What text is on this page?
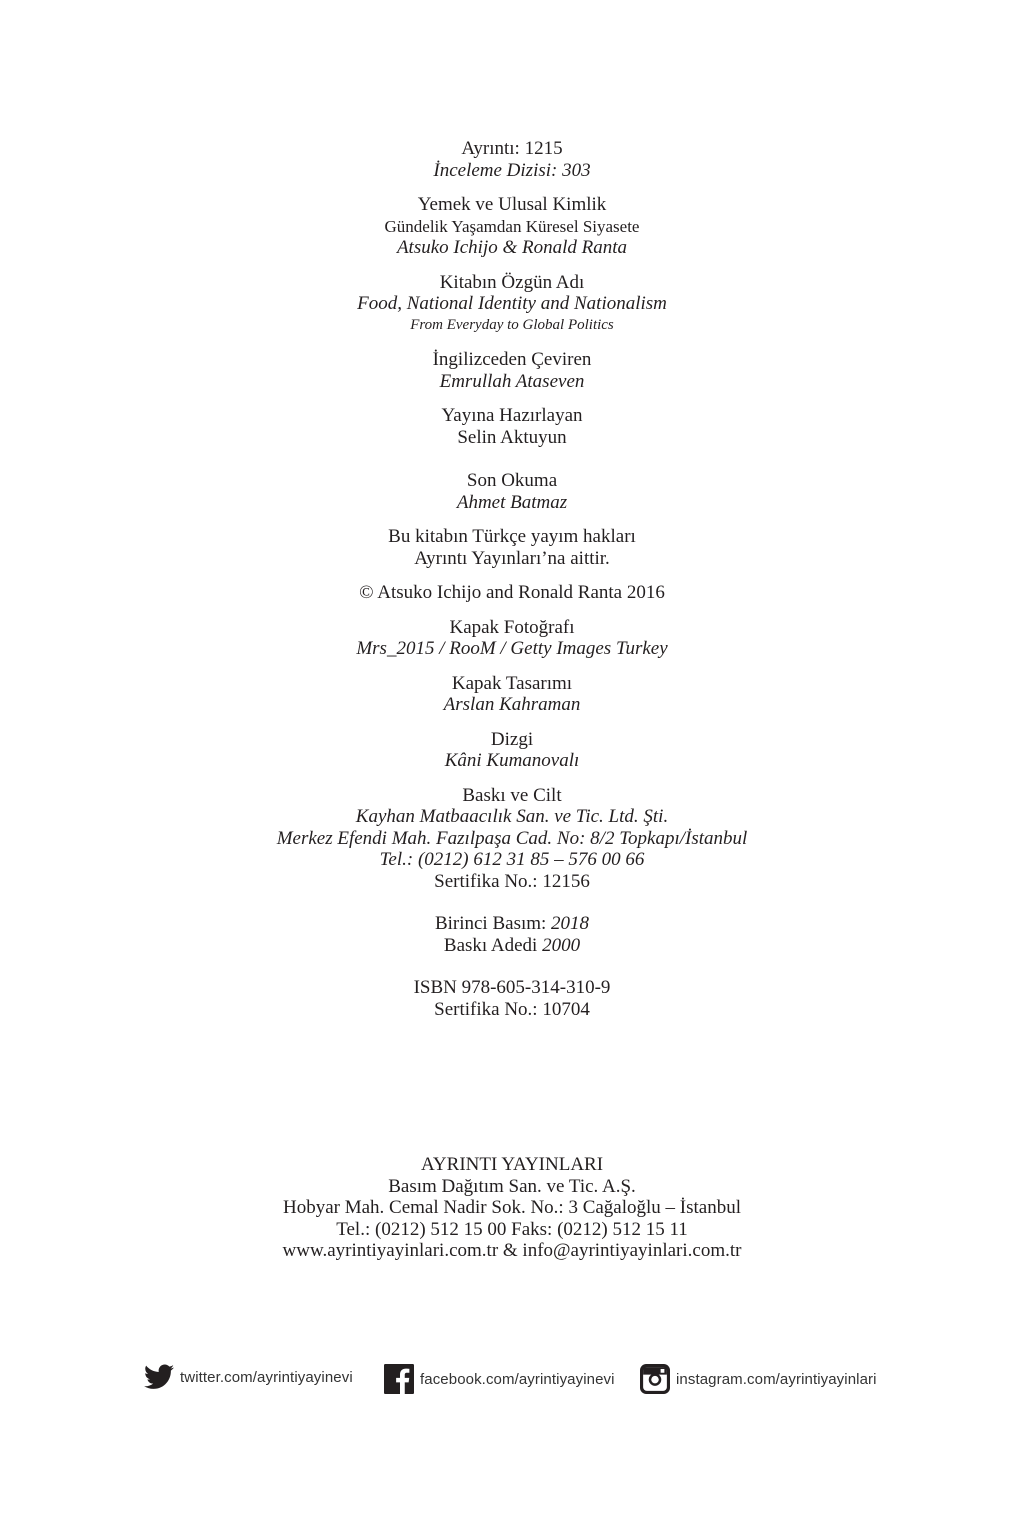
Ayrıntı: 1215
İnceleme Dizisi: 303
Yemek ve Ulusal Kimlik
Gündelik Yaşamdan Küresel Siyasete
Atsuko Ichijo & Ronald Ranta
Kitabın Özgün Adı
Food, National Identity and Nationalism
From Everyday to Global Politics
İngilizceden Çeviren
Emrullah Ataseven
Yayına Hazırlayan
Selin Aktuyun
Son Okuma
Ahmet Batmaz
Bu kitabın Türkçe yayım hakları
Ayrıntı Yayınları’na aittir.
© Atsuko Ichijo and Ronald Ranta 2016
Kapak Fotoğrafı
Mrs_2015 / RooM / Getty Images Turkey
Kapak Tasarımı
Arslan Kahraman
Dizgi
Kâni Kumanovalı
Baskı ve Cilt
Kayhan Matbaacılık San. ve Tic. Ltd. Şti.
Merkez Efendi Mah. Fazılpaşa Cad. No: 8/2 Topkapı/İstanbul
Tel.: (0212) 612 31 85 – 576 00 66
Sertifika No.: 12156
Birinci Basım: 2018
Baskı Adedi 2000
ISBN 978-605-314-310-9
Sertifika No.: 10704
AYRINTI YAYINLARI
Basım Dağıtım San. ve Tic. A.Ş.
Hobyar Mah. Cemal Nadir Sok. No.: 3 Cağaloğlu – İstanbul
Tel.: (0212) 512 15 00 Faks: (0212) 512 15 11
www.ayrintiyayinlari.com.tr & info@ayrintiyayinlari.com.tr
twitter.com/ayrintiyayinevi	facebook.com/ayrintiyayinevi	instagram.com/ayrintiyayinlari
